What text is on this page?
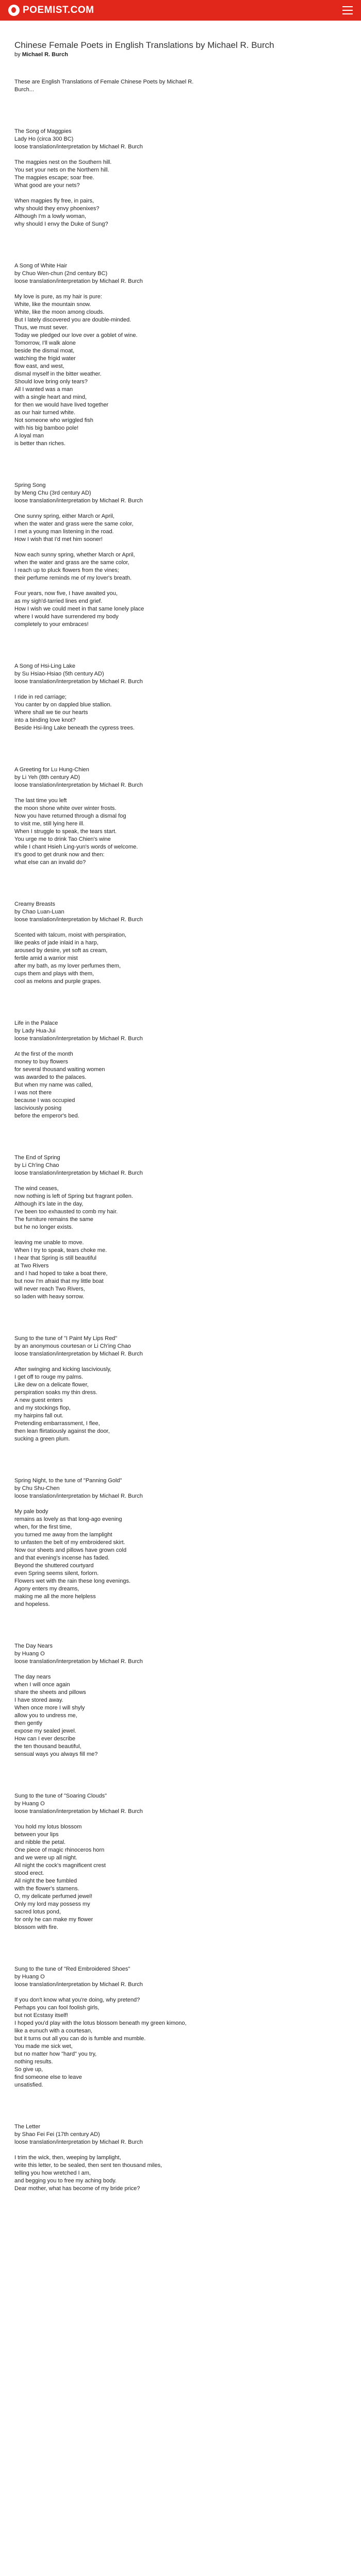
POEMIST.COM
Chinese Female Poets in English Translations by Michael R. Burch
by Michael R. Burch

These are English Translations of Female Chinese Poets by Michael R. Burch...

The Song of Maggpies
Lady Ho (circa 300 BC)
loose translation/interpretation by Michael R. Burch
The magpies nest on the Southern hill.
You set your nets on the Northern hill.
The magpies escape; soar free.
What good are your nets?
When magpies fly free, in pairs,
why should they envy phoenixes?
Although I'm a lowly woman,
why should I envy the Duke of Sung?
A Song of White Hair
by Chuo Wen-chun (2nd century BC)
loose translation/interpretation by Michael R. Burch
My love is pure, as my hair is pure:
White, like the mountain snow.
White, like the moon among clouds.
But I lately discovered you are double-minded.
Thus, we must sever.
Today we pledged our love over a goblet of wine.
Tomorrow, I'll walk alone
beside the dismal moat,
watching the frigid water
flow east, and west,
dismal myself in the bitter weather.
Should love bring only tears?
All I wanted was a man
with a single heart and mind,
for then we would have lived together
as our hair turned white.
Not someone who wriggled fish
with his big bamboo pole!
A loyal man
is better than riches.
Spring Song
by Meng Chu (3rd century AD)
loose translation/interpretation by Michael R. Burch
One sunny spring, either March or April,
when the water and grass were the same color,
I met a young man listening in the road.
How I wish that I'd met him sooner!
Now each sunny spring, whether March or April,
when the water and grass are the same color,
I reach up to pluck flowers from the vines;
their perfume reminds me of my lover's breath.
Four years, now five, I have awaited you,
as my sigh'd-tarried lines end grief.
How I wish we could meet in that same lonely place
where I would have surrendered my body
completely to your embraces!
A Song of Hsi-Ling Lake
by Su Hsiao-Hsiao (5th century AD)
loose translation/interpretation by Michael R. Burch
I ride in red carriage;
You canter by on dappled blue stallion.
Where shall we tie our hearts
into a binding love knot?
Beside Hsi-ling Lake beneath the cypress trees.
A Greeting for Lu Hung-Chien
by Li Yeh (8th century AD)
loose translation/interpretation by Michael R. Burch
The last time you left
the moon shone white over winter frosts.
Now you have returned through a dismal fog
to visit me, still lying here ill.
When I struggle to speak, the tears start.
You urge me to drink Tao Chien's wine
while I chant Hsieh Ling-yun's words of welcome.
It's good to get drunk now and then:
what else can an invalid do?
Creamy Breasts
by Chao Luan-Luan
loose translation/interpretation by Michael R. Burch
Scented with talcum, moist with perspiration,
like peaks of jade inlaid in a harp,
aroused by desire, yet soft as cream,
fertile amid a warrior mist
after my bath, as my lover perfumes them,
cups them and plays with them,
cool as melons and purple grapes.
Life in the Palace
by Lady Hua-Jui
loose translation/interpretation by Michael R. Burch
At the first of the month
money to buy flowers
for several thousand waiting women
was awarded to the palaces.
But when my name was called,
I was not there
because I was occupied
lasciviously posing
before the emperor's bed.
The End of Spring
by Li Ch'ing Chao
loose translation/interpretation by Michael R. Burch
The wind ceases,
now nothing is left of Spring but fragrant pollen.
Although it's late in the day,
I've been too exhausted to comb my hair.
The furniture remains the same
but he no longer exists.
leaving me unable to move.
When I try to speak, tears choke me.
I hear that Spring is still beautiful
at Two Rivers
and I had hoped to take a boat there,
but now I'm afraid that my little boat
will never reach Two Rivers,
so laden with heavy sorrow.
Sung to the tune of "I Paint My Lips Red"
by an anonymous courtesan or Li Ch'ing Chao
loose translation/interpretation by Michael R. Burch
After swinging and kicking lasciviously,
I get off to rouge my palms.
Like dew on a delicate flower,
perspiration soaks my thin dress.
A new guest enters
and my stockings flop,
my hairpins fall out.
Pretending embarrassment, I flee,
then lean flirtatiously against the door,
sucking a green plum.
Spring Night, to the tune of "Panning Gold"
by Chu Shu-Chen
loose translation/interpretation by Michael R. Burch
My pale body
remains as lovely as that long-ago evening
when, for the first time,
you turned me away from the lamplight
to unfasten the belt of my embroidered skirt.
Now our sheets and pillows have grown cold
and that evening's incense has faded.
Beyond the shuttered courtyard
even Spring seems silent, forlorn.
Flowers wet with the rain these long evenings.
Agony enters my dreams,
making me all the more helpless
and hopeless.
The Day Nears
by Huang O
loose translation/interpretation by Michael R. Burch
The day nears
when I will once again
share the sheets and pillows
I have stored away.
When once more I will shyly
allow you to undress me,
then gently
expose my sealed jewel.
How can I ever describe
the ten thousand beautiful,
sensual ways you always fill me?
Sung to the tune of "Soaring Clouds"
by Huang O
loose translation/interpretation by Michael R. Burch
You hold my lotus blossom
between your lips
and nibble the petal.
One piece of magic rhinoceros horn
and we were up all night.
All night the cock's magnificent crest
stood erect.
All night the bee fumbled
with the flower's stamens.
O, my delicate perfumed jewel!
Only my lord may possess my
sacred lotus pond,
for only he can make my flower
blossom with fire.
Sung to the tune of "Red Embroidered Shoes"
by Huang O
loose translation/interpretation by Michael R. Burch
If you don't know what you're doing, why pretend?
Perhaps you can fool foolish girls,
but not Ecstasy itself!
I hoped you'd play with the lotus blossom beneath my green kimono,
like a eunuch with a courtesan,
but it turns out all you can do is fumble and mumble.
You made me sick wet,
but no matter how "hard" you try,
nothing results.
So give up,
find someone else to leave
unsatisfied.
The Letter
by Shao Fei Fei (17th century AD)
loose translation/interpretation by Michael R. Burch
I trim the wick, then, weeping by lamplight,
write this letter, to be sealed, then sent ten thousand miles,
telling you how wretched I am,
and begging you to free my aching body.
Dear mother, what has become of my bride price?
